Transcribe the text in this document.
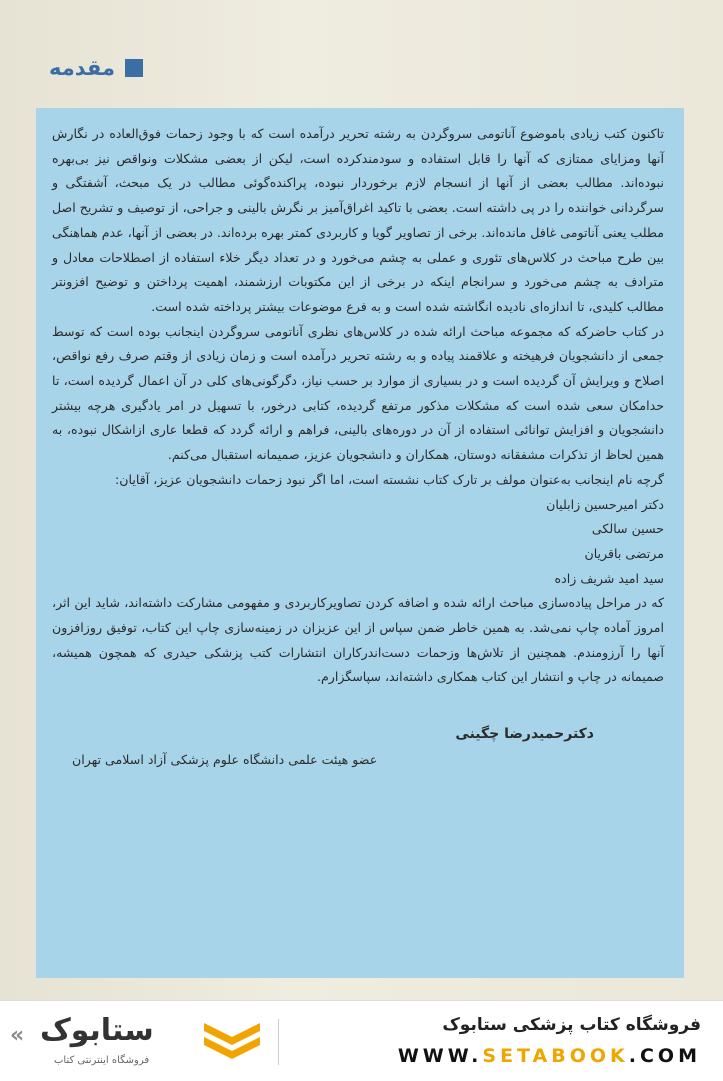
مقدمه

تاکنون کتب زیادی باموضوع آناتومی سروگردن به رشته تحریر درآمده است که با وجود زحمات فوق‌العاده در نگارش آنها ومزایای ممتازی که آنها را قابل استفاده و سودمندکرده است، لیکن از بعضی مشکلات ونواقص نیز بی‌بهره نبوده‌اند. مطالب بعضی از آنها از انسجام لازم برخوردار نبوده، پراکنده‌گوئی مطالب در یک مبحث، آشفتگی و سرگردانی خواننده را در پی داشته است. بعضی با تاکید اغراق‌آمیز بر نگرش بالینی و جراحی، از توصیف و تشریح اصل مطلب یعنی آناتومی غافل مانده‌اند. برخی از تصاویر گویا و کاربردی کمتر بهره برده‌اند. در بعضی از آنها، عدم هماهنگی بین طرح مباحث در کلاس‌های تئوری و عملی به چشم می‌خورد و در تعداد دیگر خلاء استفاده از اصطلاحات معادل و مترادف به چشم می‌خورد و سرانجام اینکه در برخی از این مکتوبات ارزشمند، اهمیت پرداختن و توضیح افزونتر مطالب کلیدی، تا اندازه‌ای نادیده انگاشته شده است و به فرع موضوعات بیشتر پرداخته شده است.

در کتاب حاضرکه که مجموعه مباحث ارائه شده در کلاس‌های نظری آناتومی سروگردن اینجانب بوده است که توسط جمعی از دانشجویان فرهیخته و علاقمند پیاده و به رشته تحریر درآمده است و زمان زیادی از وقتم صرف رفع نواقص، اصلاح و ویرایش آن گردیده است و در بسیاری از موارد بر حسب نیاز، دگرگونی‌های کلی در آن اعمال گردیده است، تا حدامکان سعی شده است که مشکلات مذکور مرتفع گردیده، کتابی درخور، با تسهیل در امر یادگیری هرچه بیشتر دانشجویان و افزایش توانائی استفاده از آن در دوره‌های بالینی، فراهم و ارائه گردد که قطعا عاری ازاشکال نبوده، به همین لحاظ از تذکرات مشفقانه دوستان، همکاران و دانشجویان عزیز، صمیمانه استقبال می‌کنم.

گرچه نام اینجانب به‌عنوان مولف بر تارک کتاب نشسته است، اما اگر نبود زحمات دانشجویان عزیز، آقایان:

دکتر امیرحسین زابلیان
حسین سالکی
مرتضی باقریان
سید امید شریف زاده

که در مراحل پیاده‌سازی مباحث ارائه شده و اضافه کردن تصاویرکاربردی و مفهومی مشارکت داشته‌اند، شاید این اثر، امروز آماده چاپ نمی‌شد. به همین خاطر ضمن سپاس از این عزیزان در زمینه‌سازی چاپ این کتاب، توفیق روزافزون آنها را آرزومندم. همچنین از تلاش‌ها وزحمات دست‌اندرکاران انتشارات کتب پزشکی حیدری که همچون همیشه، صمیمانه در چاپ و انتشار این کتاب همکاری داشته‌اند، سپاسگزارم.

دکترحمیدرضا چگینی
عضو هیئت علمی دانشگاه علوم پزشکی آزاد اسلامی تهران
« ستابوک
فروشگاه اینترنتی کتاب
فروشگاه کتاب پزشکی ستابوک
WWW.SETABOOK.COM
